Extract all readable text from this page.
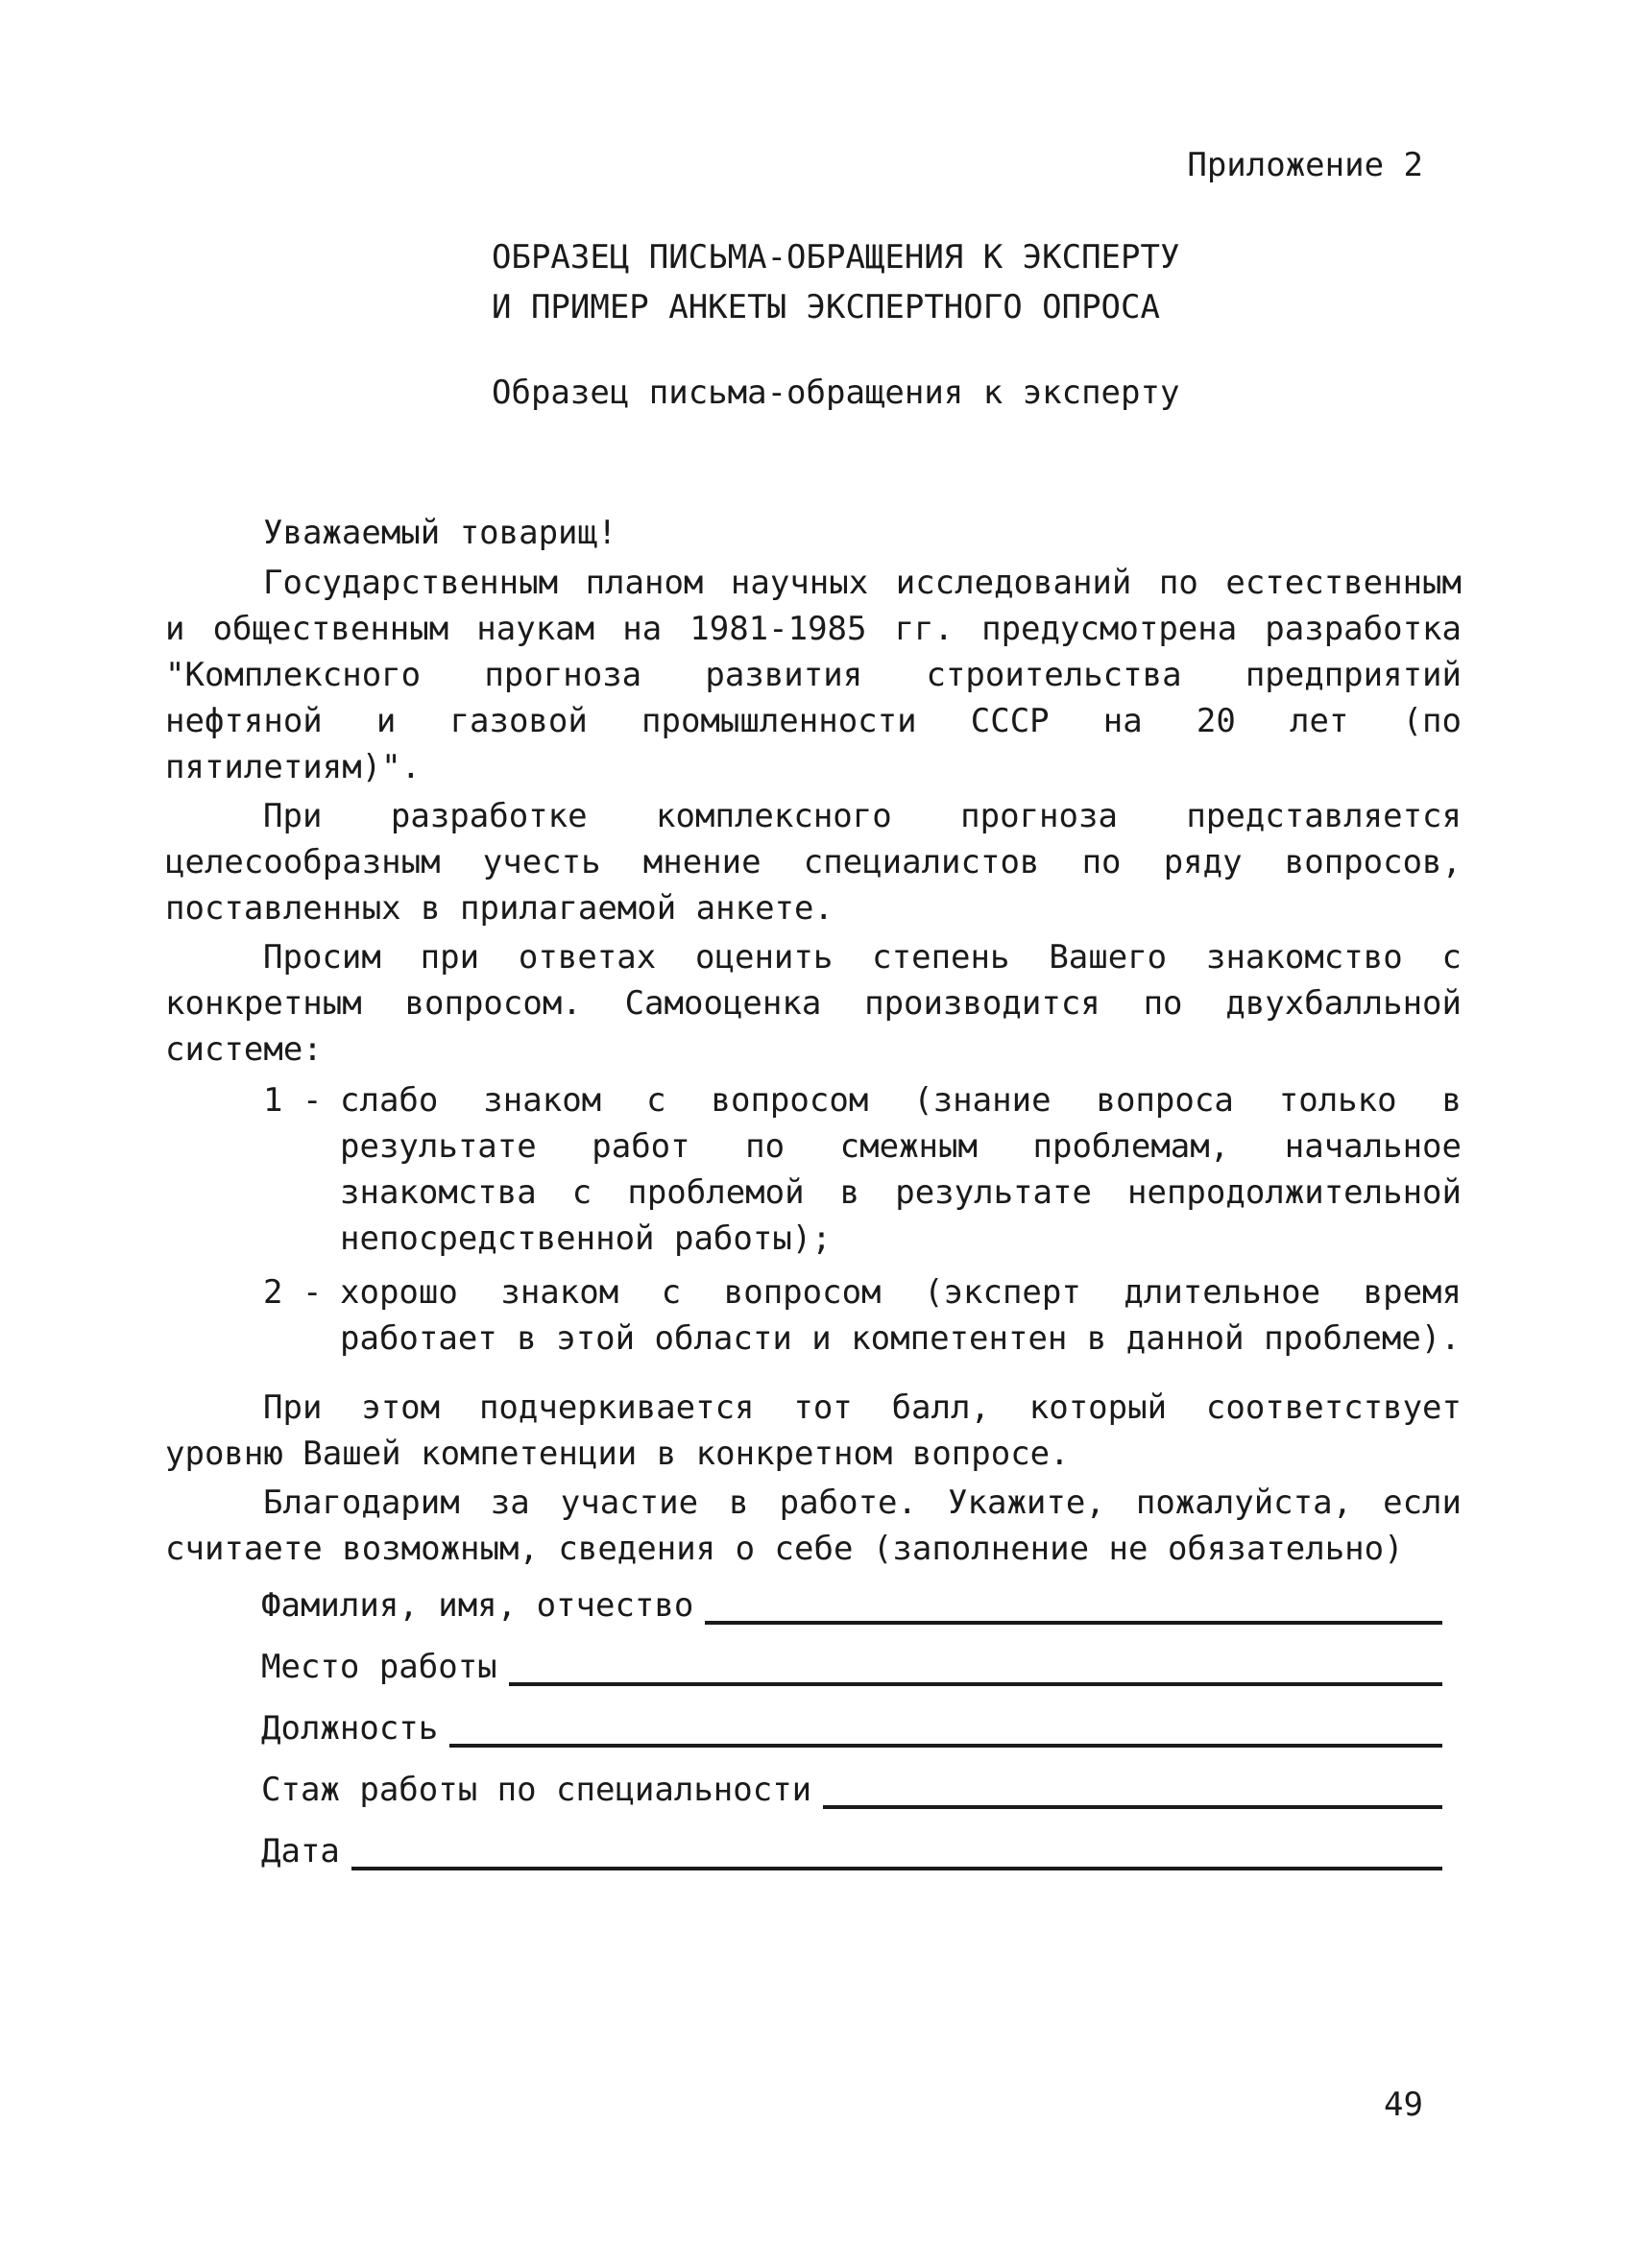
Приложение 2
ОБРАЗЕЦ ПИСЬМА-ОБРАЩЕНИЯ К ЭКСПЕРТУ
И ПРИМЕР АНКЕТЫ ЭКСПЕРТНОГО ОПРОСА
Образец письма-обращения к эксперту
Уважаемый товарищ!
Государственным планом научных исследований по естественным и общественным наукам на 1981-1985 гг. предусмотрена разработка "Комплексного прогноза развития строительства предприятий нефтяной и газовой промышленности СССР на 20 лет (по пятилетиям)".
При разработке комплексного прогноза представляется целесообразным учесть мнение специалистов по ряду вопросов, поставленных в прилагаемой анкете.
Просим при ответах оценить степень Вашего знакомство с конкретным вопросом. Самооценка производится по двухбалльной системе:
1 - слабо знаком с вопросом (знание вопроса только в результате работ по смежным проблемам, начальное знакомства с проблемой в результате непродолжительной непосредственной работы);
2 - хорошо знаком с вопросом (эксперт длительное время работает в этой области и компетентен в данной проблеме).
При этом подчеркивается тот балл, который соответствует уровню Вашей компетенции в конкретном вопросе.
Благодарим за участие в работе. Укажите, пожалуйста, если считаете возможным, сведения о себе (заполнение не обязательно)
Фамилия, имя, отчество
Место работы
Должность
Стаж работы по специальности
Дата
49
